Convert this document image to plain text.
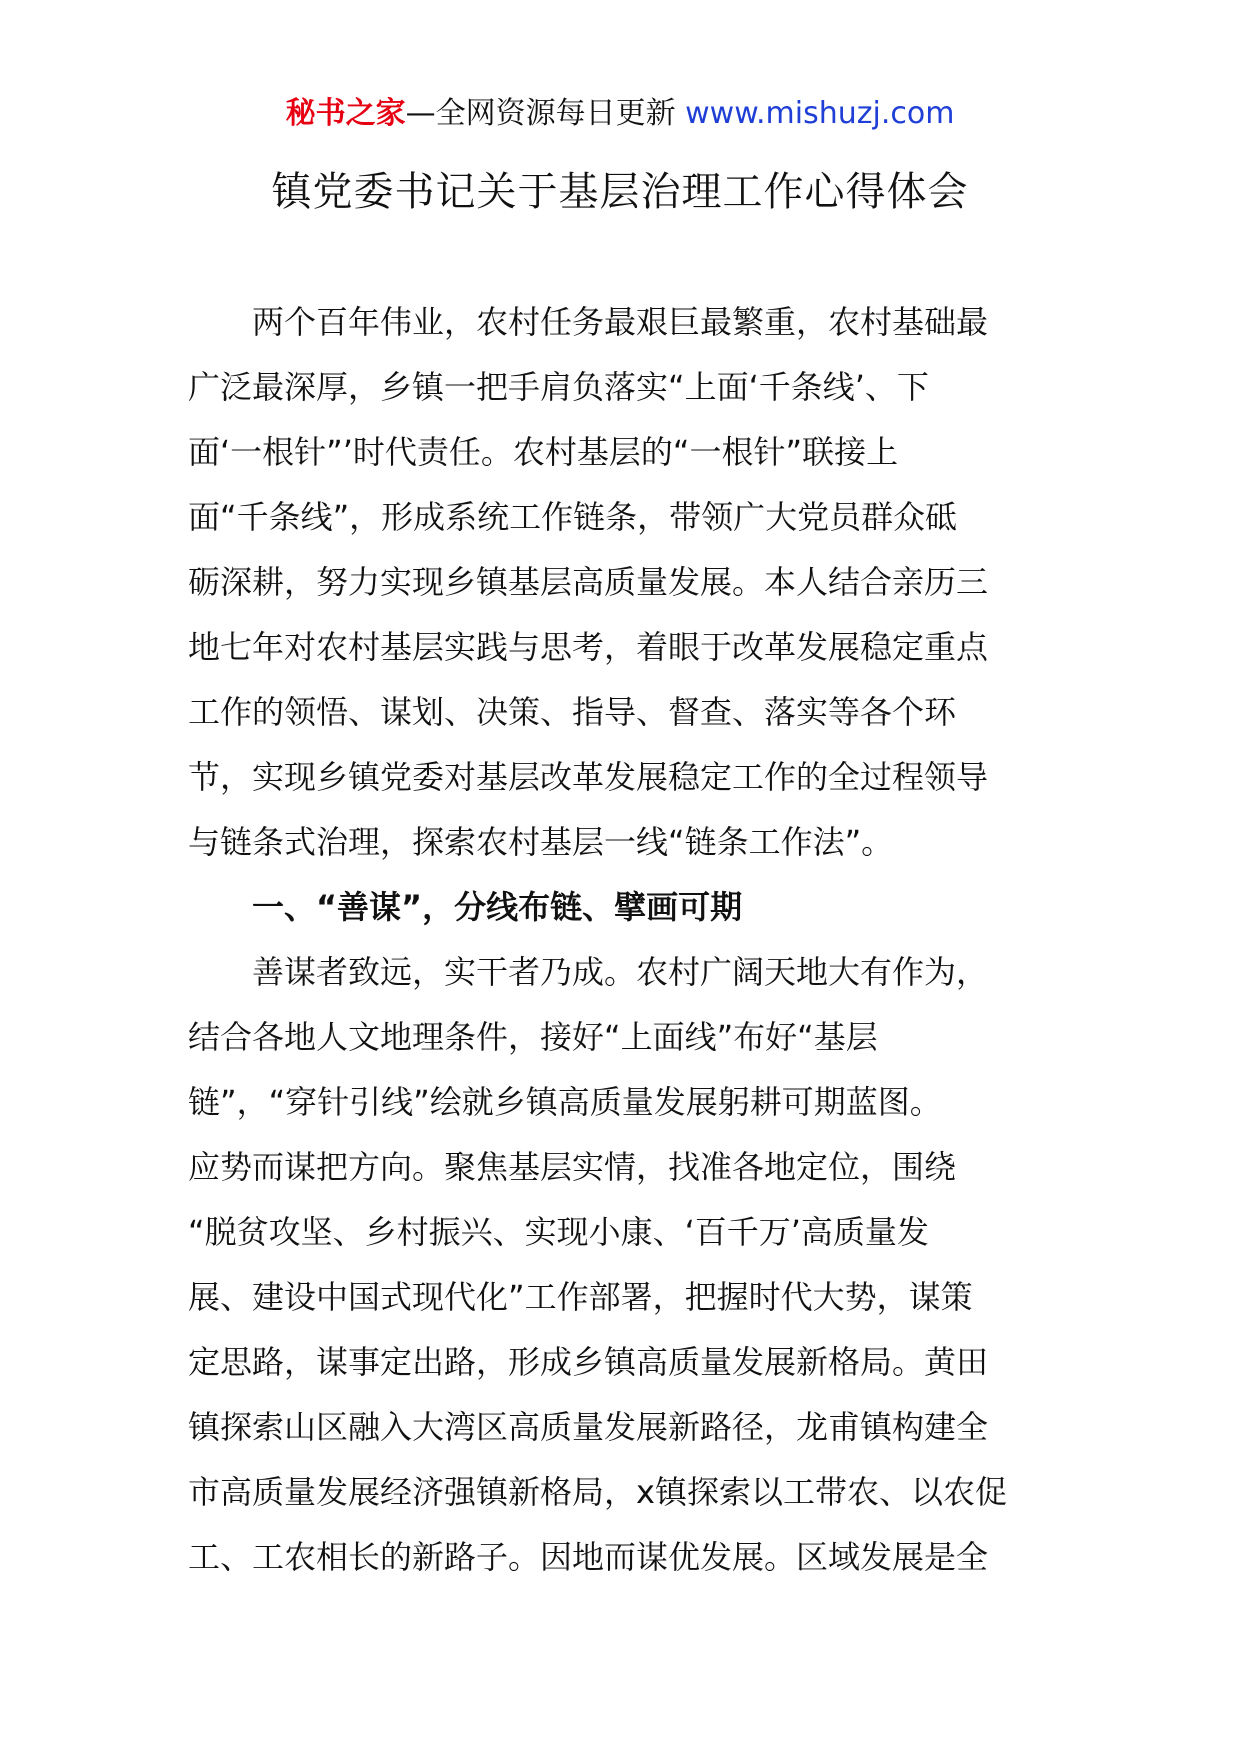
秘书之家—全网资源每日更新 www.mishuzj.com
镇党委书记关于基层治理工作心得体会
两个百年伟业，农村任务最艰巨最繁重，农村基础最
广泛最深厚，乡镇一把手肩负落实“上面‘千条线’、下
面‘一根针”’时代责任。农村基层的“一根针”联接上
面“千条线”，形成系统工作链条，带领广大党员群众砥
砺深耕，努力实现乡镇基层高质量发展。本人结合亲历三
地七年对农村基层实践与思考，着眼于改革发展稳定重点
工作的领悟、谋划、决策、指导、督查、落实等各个环
节，实现乡镇党委对基层改革发展稳定工作的全过程领导
与链条式治理，探索农村基层一线“链条工作法”。
一、“善谋”，分线布链、擘画可期
善谋者致远，实干者乃成。农村广阔天地大有作为，
结合各地人文地理条件，接好“上面线”布好“基层
链”，“穿针引线”绘就乡镇高质量发展躬耕可期蓝图。
应势而谋把方向。聚焦基层实情，找准各地定位，围绕
“脱贫攻坚、乡村振兴、实现小康、‘百千万’高质量发
展、建设中国式现代化”工作部署，把握时代大势，谋策
定思路，谋事定出路，形成乡镇高质量发展新格局。黄田
镇探索山区融入大湾区高质量发展新路径，龙甫镇构建全
市高质量发展经济强镇新格局，x镇探索以工带农、以农促
工、工农相长的新路子。因地而谋优发展。区域发展是全
